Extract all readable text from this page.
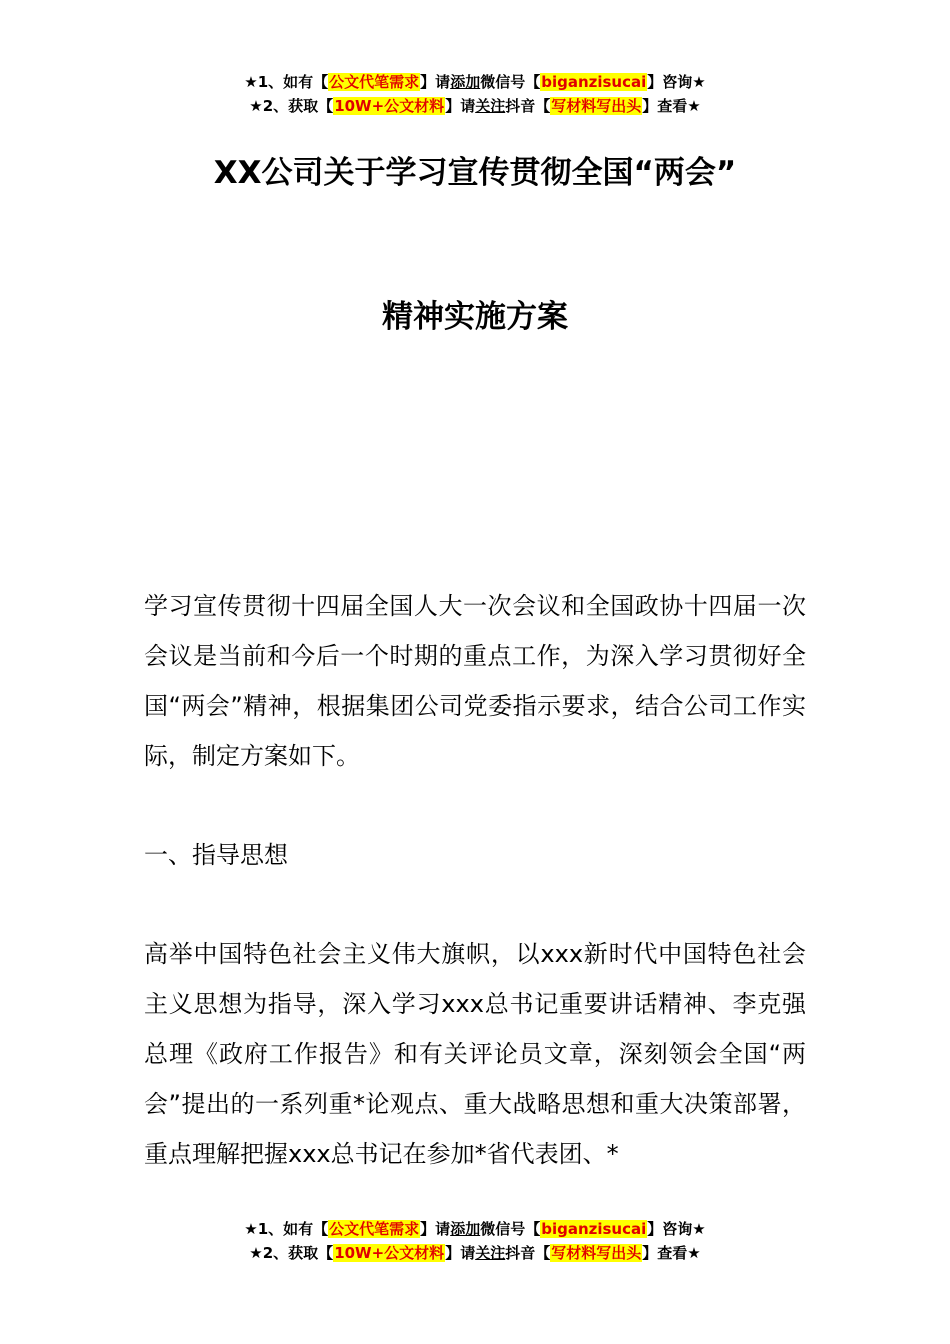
★1、如有【公文代笔需求】请添加微信号【biganzisucai】咨询★
★2、获取【10W+公文材料】请关注抖音【写材料写出头】查看★
XX公司关于学习宣传贯彻全国“两会”
精神实施方案

学习宣传贯彻十四届全国人大一次会议和全国政协十四届一次会议是当前和今后一个时期的重点工作，为深入学习贯彻好全国“两会”精神，根据集团公司党委指示要求，结合公司工作实际，制定方案如下。

一、指导思想

高举中国特色社会主义伟大旗帜，以xxx新时代中国特色社会主义思想为指导，深入学习xxx总书记重要讲话精神、李克强总理《政府工作报告》和有关评论员文章，深刻领会全国“两会”提出的一系列重*论观点、重大战略思想和重大决策部署，重点理解把握xxx总书记在参加*省代表团、*

★1、如有【公文代笔需求】请添加微信号【biganzisucai】咨询★
★2、获取【10W+公文材料】请关注抖音【写材料写出头】查看★
